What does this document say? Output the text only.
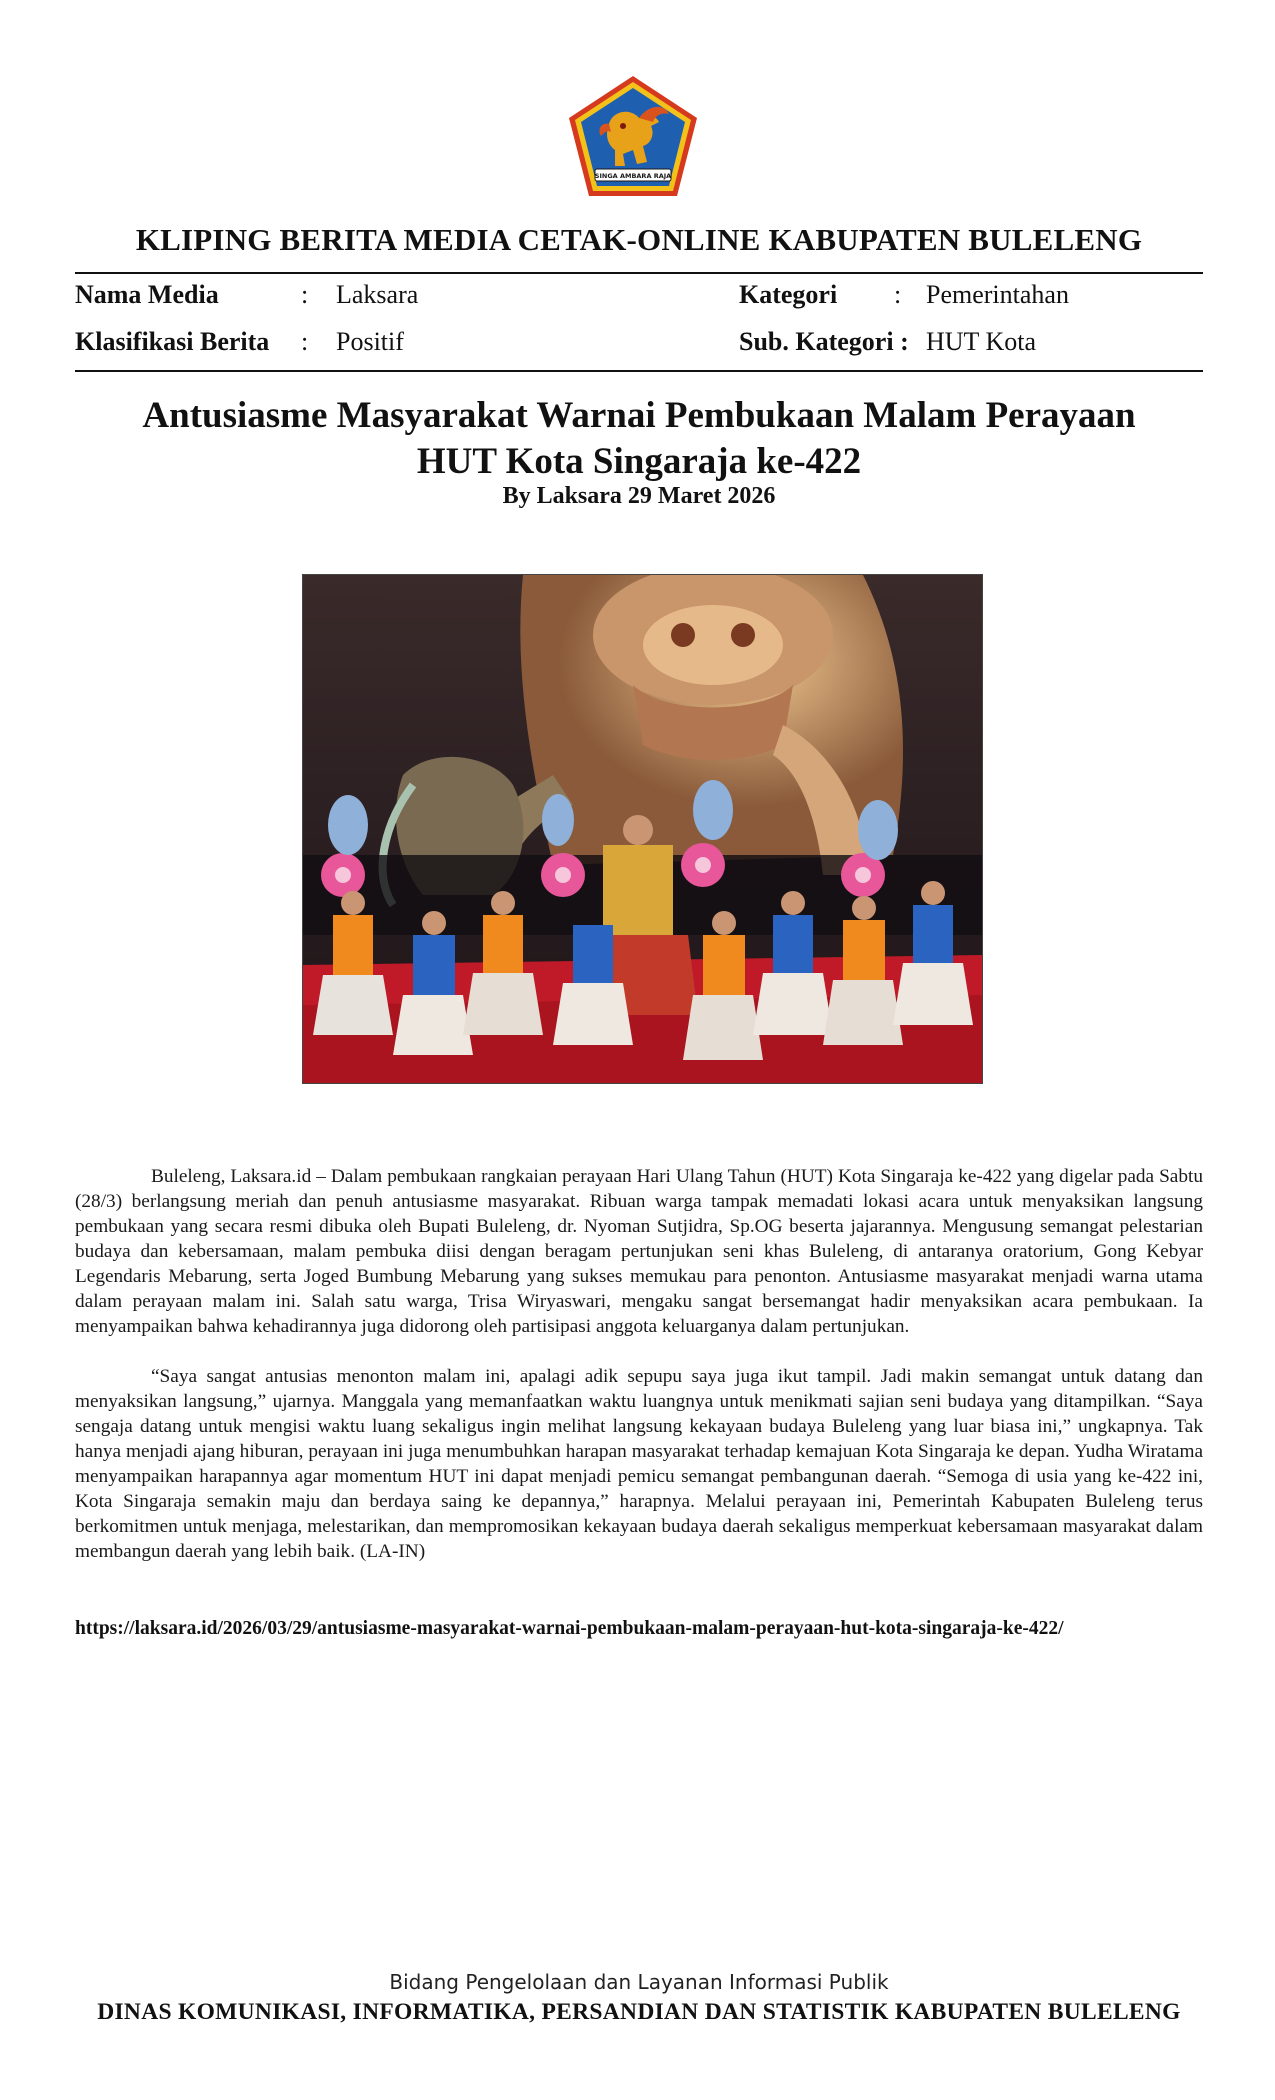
SINGA AMBARA RAJA
KLIPING BERITA MEDIA CETAK-ONLINE KABUPATEN BULELENG
Nama Media	: Laksara	Kategori : Pemerintahan
Klasifikasi Berita : Positif	Sub. Kategori : HUT Kota
Antusiasme Masyarakat Warnai Pembukaan Malam Perayaan
HUT Kota Singaraja ke-422
By Laksara 29 Maret 2026

Buleleng, Laksara.id – Dalam pembukaan rangkaian perayaan Hari Ulang Tahun (HUT) Kota Singaraja ke-422 yang digelar pada Sabtu (28/3) berlangsung meriah dan penuh antusiasme masyarakat. Ribuan warga tampak memadati lokasi acara untuk menyaksikan langsung pembukaan yang secara resmi dibuka oleh Bupati Buleleng, dr. Nyoman Sutjidra, Sp.OG beserta jajarannya. Mengusung semangat pelestarian budaya dan kebersamaan, malam pembuka diisi dengan beragam pertunjukan seni khas Buleleng, di antaranya oratorium, Gong Kebyar Legendaris Mebarung, serta Joged Bumbung Mebarung yang sukses memukau para penonton. Antusiasme masyarakat menjadi warna utama dalam perayaan malam ini. Salah satu warga, Trisa Wiryaswari, mengaku sangat bersemangat hadir menyaksikan acara pembukaan. Ia menyampaikan bahwa kehadirannya juga didorong oleh partisipasi anggota keluarganya dalam pertunjukan.

“Saya sangat antusias menonton malam ini, apalagi adik sepupu saya juga ikut tampil. Jadi makin semangat untuk datang dan menyaksikan langsung,” ujarnya. Manggala yang memanfaatkan waktu luangnya untuk menikmati sajian seni budaya yang ditampilkan. “Saya sengaja datang untuk mengisi waktu luang sekaligus ingin melihat langsung kekayaan budaya Buleleng yang luar biasa ini,” ungkapnya. Tak hanya menjadi ajang hiburan, perayaan ini juga menumbuhkan harapan masyarakat terhadap kemajuan Kota Singaraja ke depan. Yudha Wiratama menyampaikan harapannya agar momentum HUT ini dapat menjadi pemicu semangat pembangunan daerah. “Semoga di usia yang ke-422 ini, Kota Singaraja semakin maju dan berdaya saing ke depannya,” harapnya. Melalui perayaan ini, Pemerintah Kabupaten Buleleng terus berkomitmen untuk menjaga, melestarikan, dan mempromosikan kekayaan budaya daerah sekaligus memperkuat kebersamaan masyarakat dalam membangun daerah yang lebih baik. (LA-IN)

https://laksara.id/2026/03/29/antusiasme-masyarakat-warnai-pembukaan-malam-perayaan-hut-kota-singaraja-ke-422/
Bidang Pengelolaan dan Layanan Informasi Publik
DINAS KOMUNIKASI, INFORMATIKA, PERSANDIAN DAN STATISTIK KABUPATEN BULELENG
